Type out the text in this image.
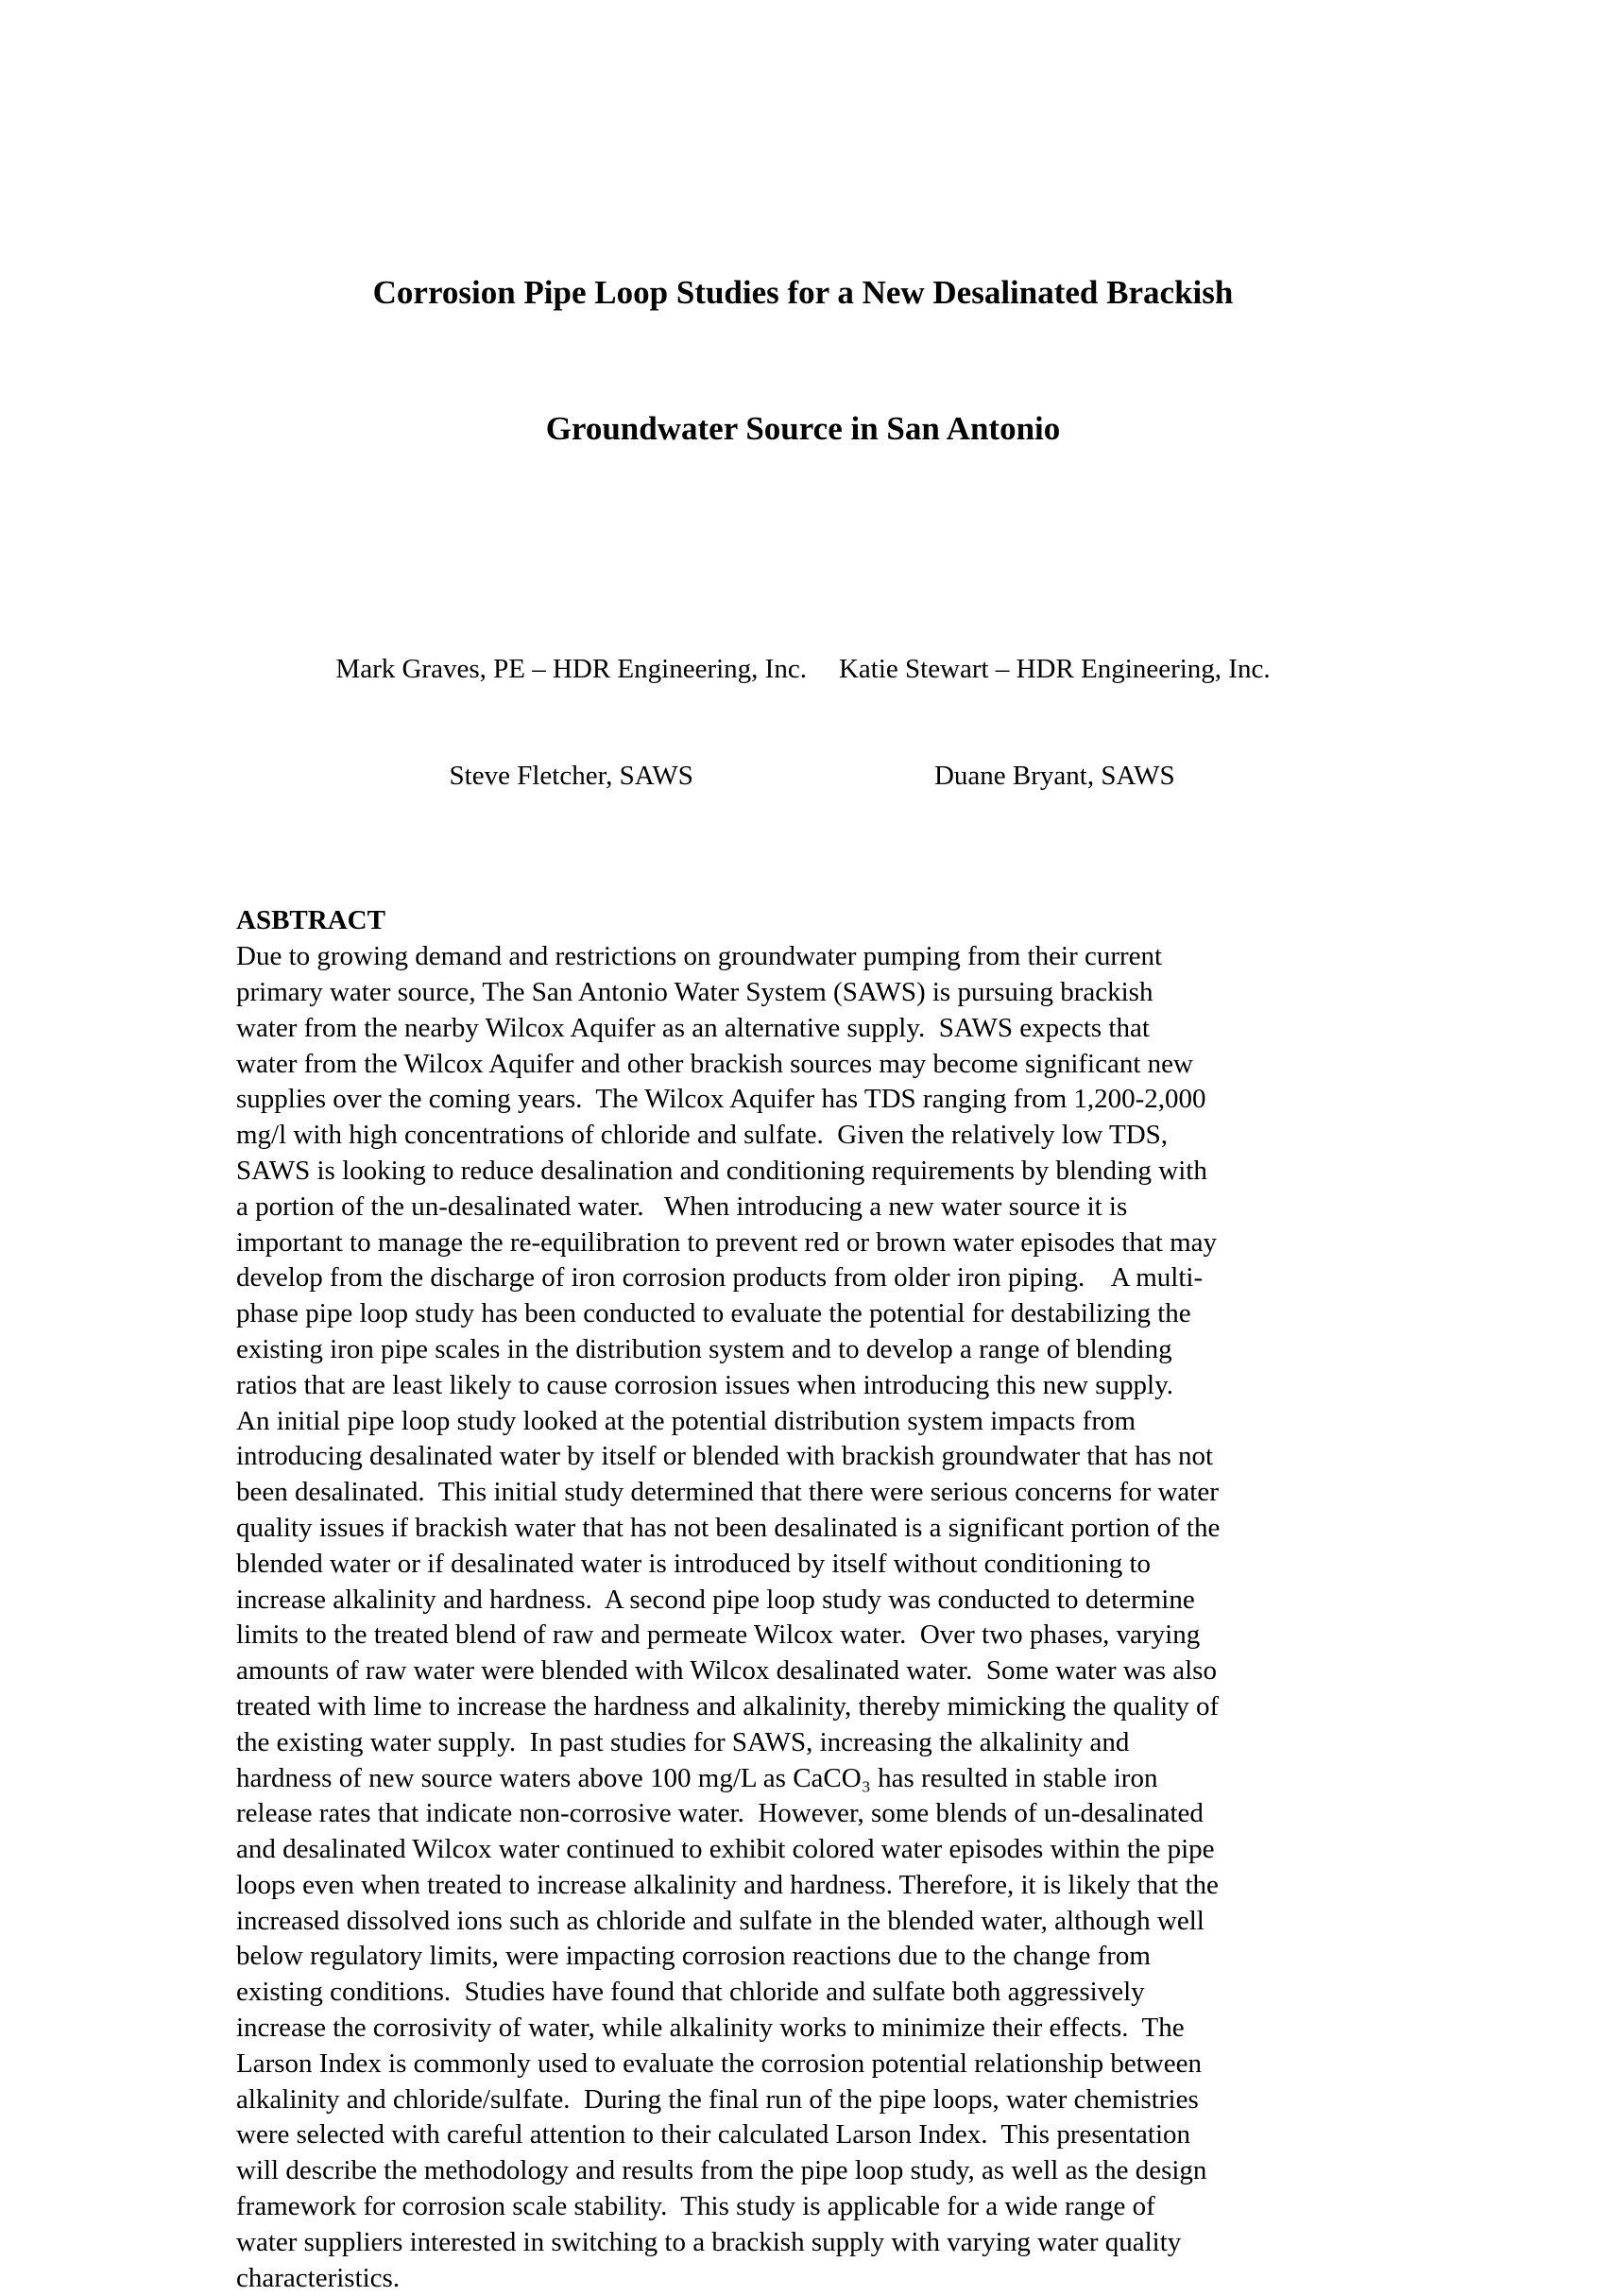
Corrosion Pipe Loop Studies for a New Desalinated Brackish

Groundwater Source in San Antonio

Mark Graves, PE – HDR Engineering, Inc.

Steve Fletcher, SAWS

Katie Stewart – HDR Engineering, Inc.

Duane Bryant, SAWS

ASBTRACT
Due to growing demand and restrictions on groundwater pumping from their current
primary water source, The San Antonio Water System (SAWS) is pursuing brackish
water from the nearby Wilcox Aquifer as an alternative supply.  SAWS expects that
water from the Wilcox Aquifer and other brackish sources may become significant new
supplies over the coming years.  The Wilcox Aquifer has TDS ranging from 1,200-2,000
mg/l with high concentrations of chloride and sulfate.  Given the relatively low TDS,
SAWS is looking to reduce desalination and conditioning requirements by blending with
a portion of the un-desalinated water.   When introducing a new water source it is
important to manage the re-equilibration to prevent red or brown water episodes that may
develop from the discharge of iron corrosion products from older iron piping.    A multi-
phase pipe loop study has been conducted to evaluate the potential for destabilizing the
existing iron pipe scales in the distribution system and to develop a range of blending
ratios that are least likely to cause corrosion issues when introducing this new supply.
An initial pipe loop study looked at the potential distribution system impacts from
introducing desalinated water by itself or blended with brackish groundwater that has not
been desalinated.  This initial study determined that there were serious concerns for water
quality issues if brackish water that has not been desalinated is a significant portion of the
blended water or if desalinated water is introduced by itself without conditioning to
increase alkalinity and hardness.  A second pipe loop study was conducted to determine
limits to the treated blend of raw and permeate Wilcox water.  Over two phases, varying
amounts of raw water were blended with Wilcox desalinated water.  Some water was also
treated with lime to increase the hardness and alkalinity, thereby mimicking the quality of
the existing water supply.  In past studies for SAWS, increasing the alkalinity and
hardness of new source waters above 100 mg/L as CaCO₃ has resulted in stable iron
release rates that indicate non-corrosive water.  However, some blends of un-desalinated
and desalinated Wilcox water continued to exhibit colored water episodes within the pipe
loops even when treated to increase alkalinity and hardness. Therefore, it is likely that the
increased dissolved ions such as chloride and sulfate in the blended water, although well
below regulatory limits, were impacting corrosion reactions due to the change from
existing conditions.  Studies have found that chloride and sulfate both aggressively
increase the corrosivity of water, while alkalinity works to minimize their effects.  The
Larson Index is commonly used to evaluate the corrosion potential relationship between
alkalinity and chloride/sulfate.  During the final run of the pipe loops, water chemistries
were selected with careful attention to their calculated Larson Index.  This presentation
will describe the methodology and results from the pipe loop study, as well as the design
framework for corrosion scale stability.  This study is applicable for a wide range of
water suppliers interested in switching to a brackish supply with varying water quality
characteristics.
